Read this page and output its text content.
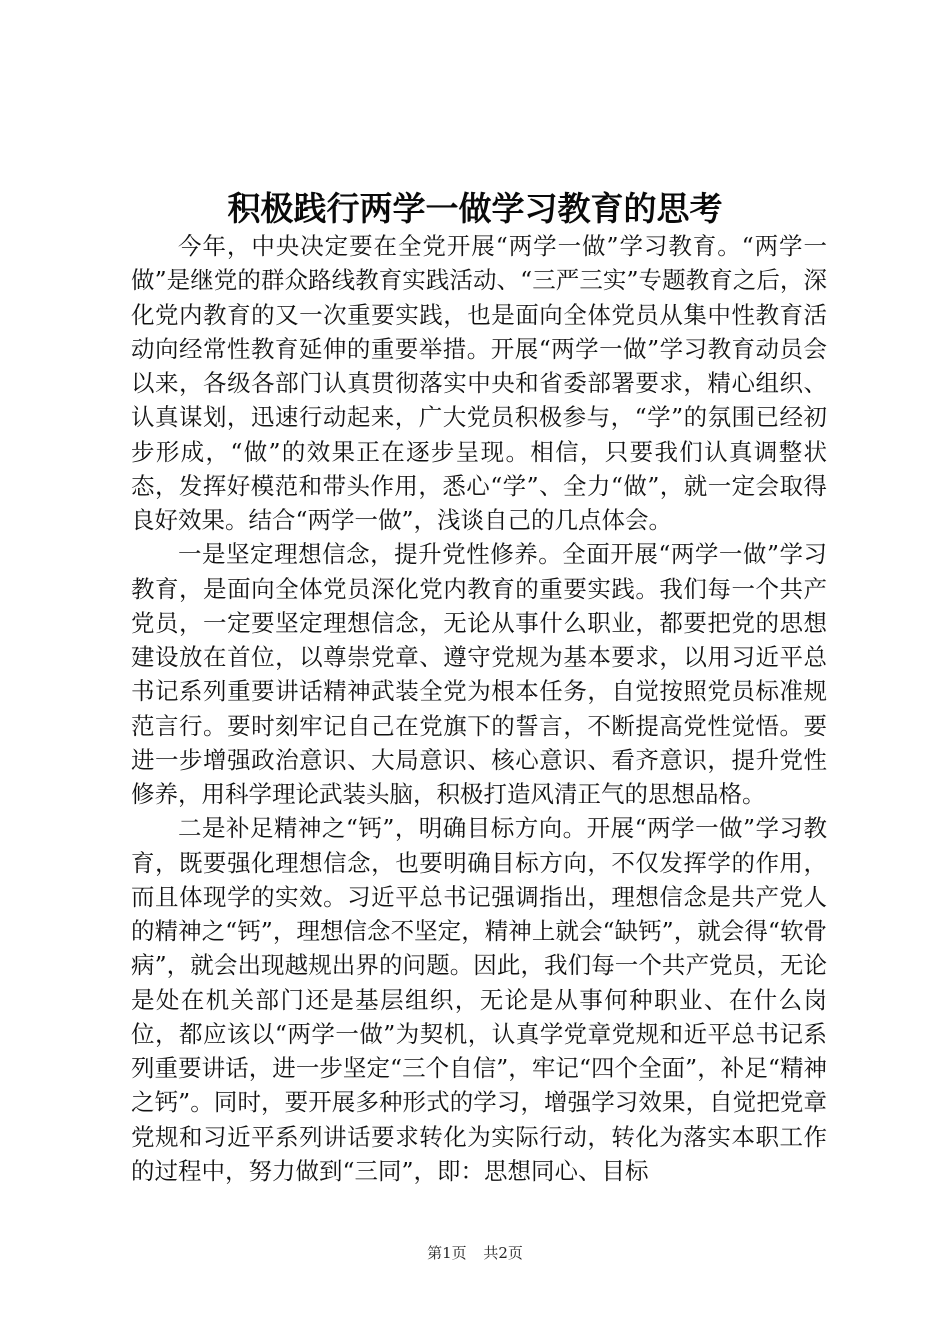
积极践行两学一做学习教育的思考

今年，中央决定要在全党开展“两学一做”学习教育。“两学一做”是继党的群众路线教育实践活动、“三严三实”专题教育之后，深化党内教育的又一次重要实践，也是面向全体党员从集中性教育活动向经常性教育延伸的重要举措。开展“两学一做”学习教育动员会以来，各级各部门认真贯彻落实中央和省委部署要求，精心组织、认真谋划，迅速行动起来，广大党员积极参与，“学”的氛围已经初步形成，“做”的效果正在逐步呈现。相信，只要我们认真调整状态，发挥好模范和带头作用，悉心“学”、全力“做”，就一定会取得良好效果。结合“两学一做”，浅谈自己的几点体会。

一是坚定理想信念，提升党性修养。全面开展“两学一做”学习教育，是面向全体党员深化党内教育的重要实践。我们每一个共产党员，一定要坚定理想信念，无论从事什么职业，都要把党的思想建设放在首位，以尊崇党章、遵守党规为基本要求，以用习近平总书记系列重要讲话精神武装全党为根本任务，自觉按照党员标准规范言行。要时刻牢记自己在党旗下的誓言，不断提高党性觉悟。要进一步增强政治意识、大局意识、核心意识、看齐意识，提升党性修养，用科学理论武装头脑，积极打造风清正气的思想品格。

二是补足精神之“钙”，明确目标方向。开展“两学一做”学习教育，既要强化理想信念，也要明确目标方向，不仅发挥学的作用，而且体现学的实效。习近平总书记强调指出，理想信念是共产党人的精神之“钙”，理想信念不坚定，精神上就会“缺钙”，就会得“软骨病”，就会出现越规出界的问题。因此，我们每一个共产党员，无论是处在机关部门还是基层组织，无论是从事何种职业、在什么岗位，都应该以“两学一做”为契机，认真学党章党规和近平总书记系列重要讲话，进一步坚定“三个自信”，牢记“四个全面”，补足“精神之钙”。同时，要开展多种形式的学习，增强学习效果，自觉把党章党规和习近平系列讲话要求转化为实际行动，转化为落实本职工作的过程中，努力做到“三同”，即：思想同心、目标

第1页 共2页
